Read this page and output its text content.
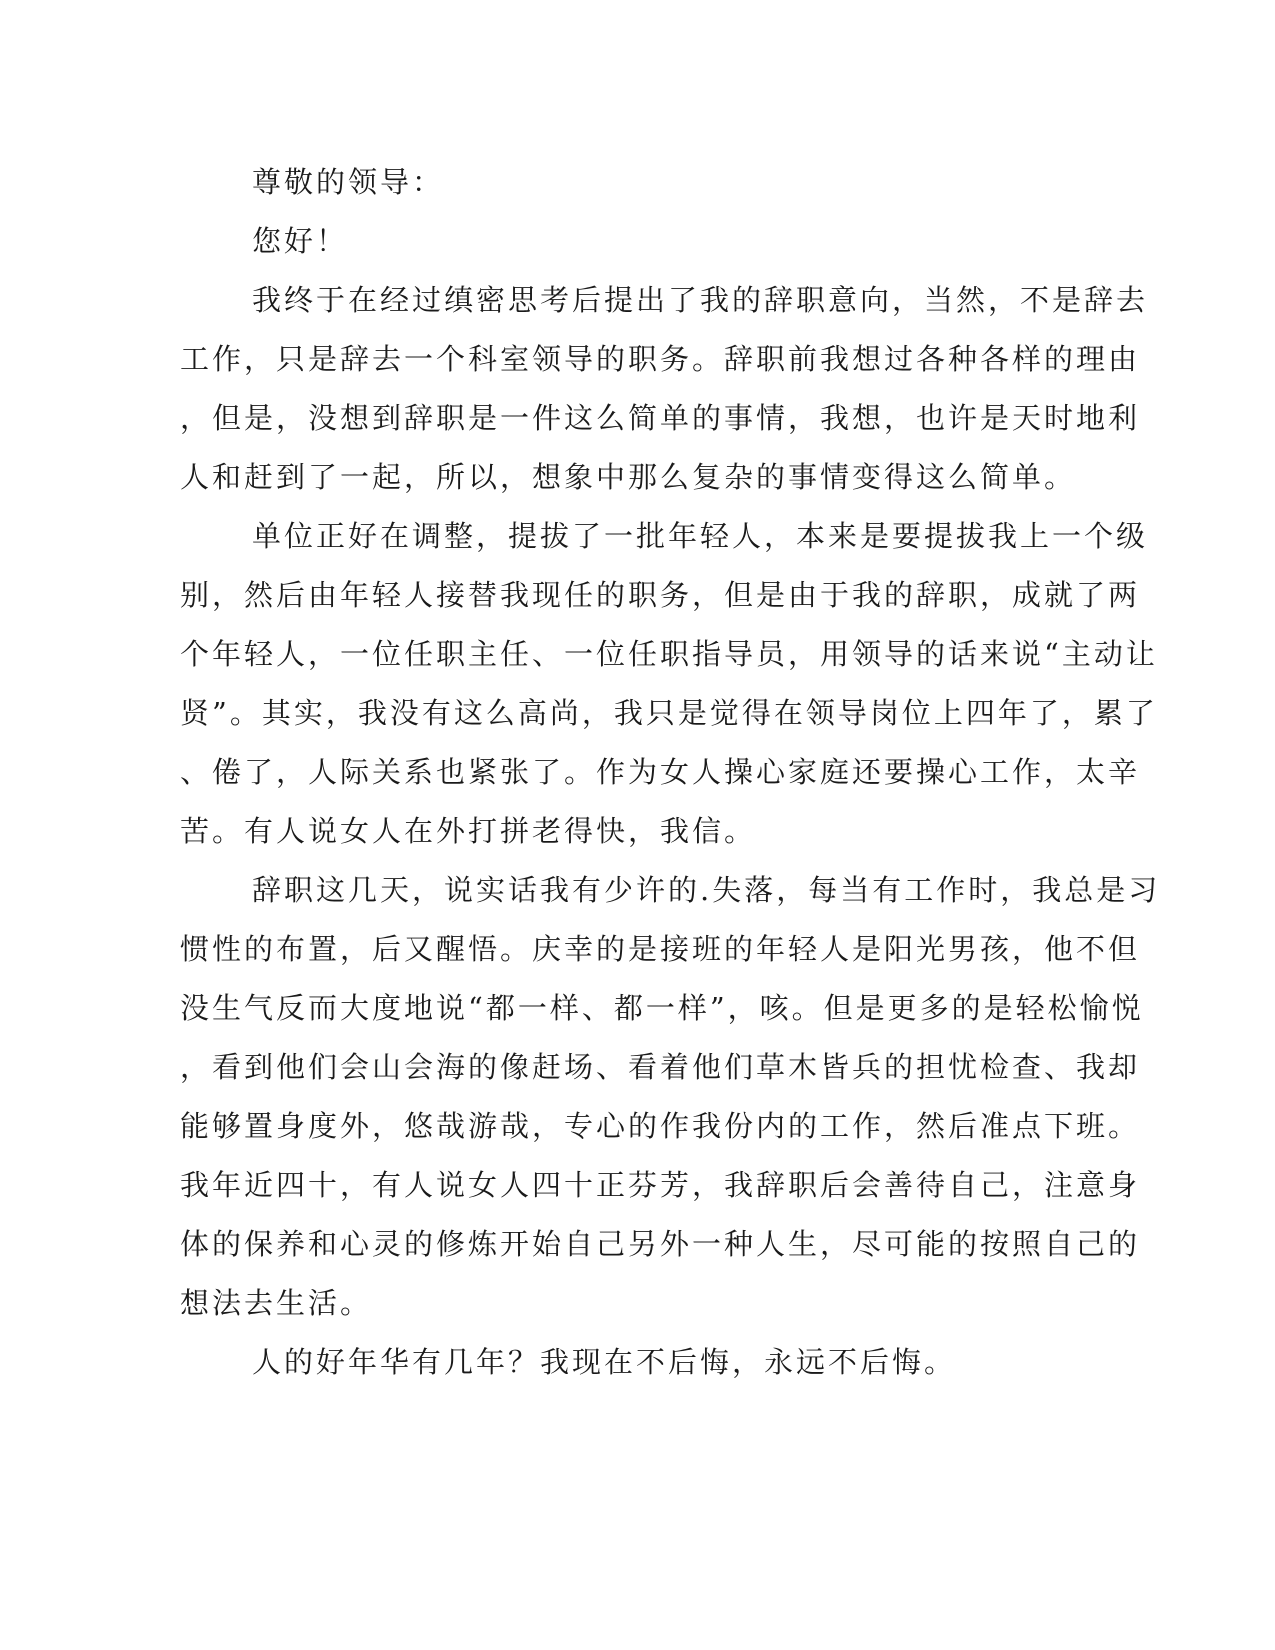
尊敬的领导：
您好！
我终于在经过缜密思考后提出了我的辞职意向，当然，不是辞去
工作，只是辞去一个科室领导的职务。辞职前我想过各种各样的理由
，但是，没想到辞职是一件这么简单的事情，我想，也许是天时地利
人和赶到了一起，所以，想象中那么复杂的事情变得这么简单。
单位正好在调整，提拔了一批年轻人，本来是要提拔我上一个级
别，然后由年轻人接替我现任的职务，但是由于我的辞职，成就了两
个年轻人，一位任职主任、一位任职指导员，用领导的话来说“主动让
贤”。其实，我没有这么高尚，我只是觉得在领导岗位上四年了，累了
、倦了，人际关系也紧张了。作为女人操心家庭还要操心工作，太辛
苦。有人说女人在外打拼老得快，我信。
辞职这几天，说实话我有少许的.失落，每当有工作时，我总是习
惯性的布置，后又醒悟。庆幸的是接班的年轻人是阳光男孩，他不但
没生气反而大度地说“都一样、都一样”，咳。但是更多的是轻松愉悦
，看到他们会山会海的像赶场、看着他们草木皆兵的担忧检查、我却
能够置身度外，悠哉游哉，专心的作我份内的工作，然后准点下班。
我年近四十，有人说女人四十正芬芳，我辞职后会善待自己，注意身
体的保养和心灵的修炼开始自己另外一种人生，尽可能的按照自己的
想法去生活。
人的好年华有几年？我现在不后悔，永远不后悔。
